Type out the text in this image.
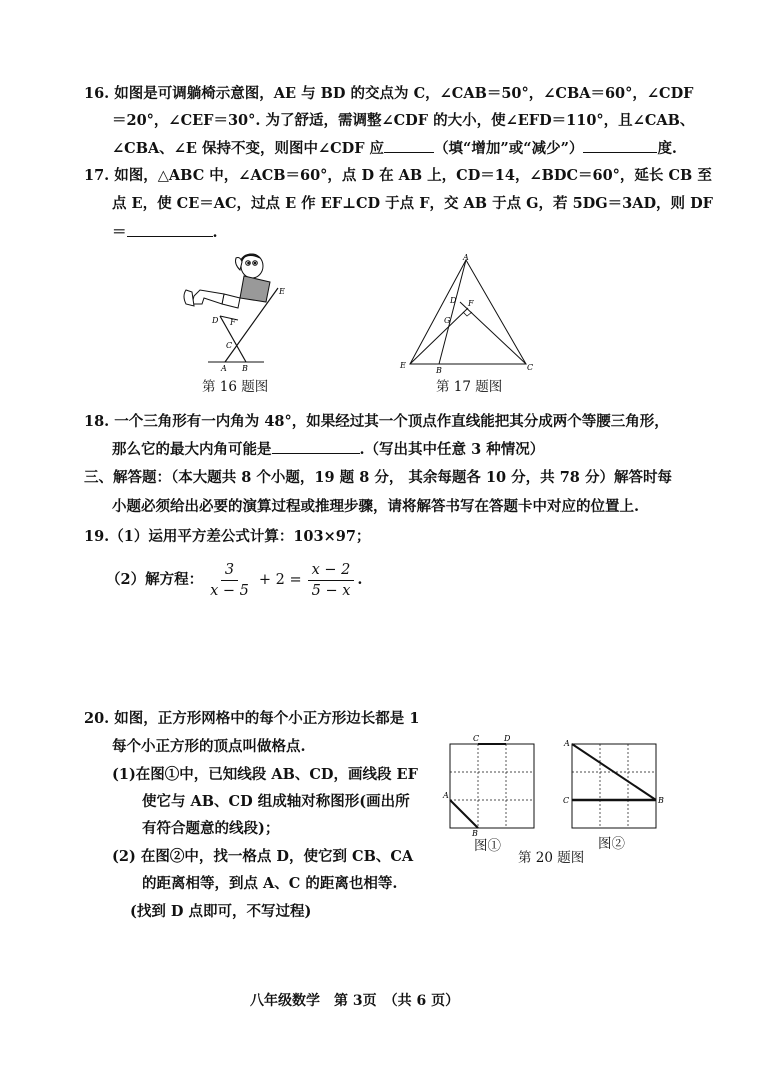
16. 如图是可调躺椅示意图，AE 与 BD 的交点为 C，∠CAB＝50°，∠CBA＝60°，∠CDF
＝20°，∠CEF＝30°. 为了舒适，需调整∠CDF 的大小，使∠EFD＝110°，且∠CAB、
∠CBA、∠E 保持不变，则图中∠CDF 应	（填“增加”或“减少”）	度.
17. 如图，△ABC 中，∠ACB＝60°，点 D 在 AB 上，CD＝14，∠BDC＝60°，延长 CB 至
点 E，使 CE＝AC，过点 E 作 EF⊥CD 于点 F，交 AB 于点 G，若 5DG＝3AD，则 DF
＝	.
E
D F
C
A B
第 16 题图
A
D F
G
E
B	C
第 17 题图
18. 一个三角形有一内角为 48°，如果经过其一个顶点作直线能把其分成两个等腰三角形，
那么它的最大内角可能是	.（写出其中任意 3 种情况）
三、解答题：（本大题共 8 个小题，19 题 8 分， 其余每题各 10 分，共 78 分）解答时每
小题必须给出必要的演算过程或推理步骤，请将解答书写在答题卡中对应的位置上.
19.（1）运用平方差公式计算：103×97；
（2）解方程： $\frac{3}{x - 5} + 2 = \frac{x - 2}{5 - x}$ .
20. 如图，正方形网格中的每个小正方形边长都是 1
每个小正方形的顶点叫做格点.
(1)在图①中，已知线段 AB、CD，画线段 EF
使它与 AB、CD 组成轴对称图形(画出所
有符合题意的线段)；
(2) 在图②中，找一格点 D，使它到 CB、CA
的距离相等，到点 A、C 的距离也相等.
(找到 D 点即可，不写过程)
C	D
A
B
图①
A
C	B
图②
第 20 题图
八年级数学　第 3页　（共 6 页）
